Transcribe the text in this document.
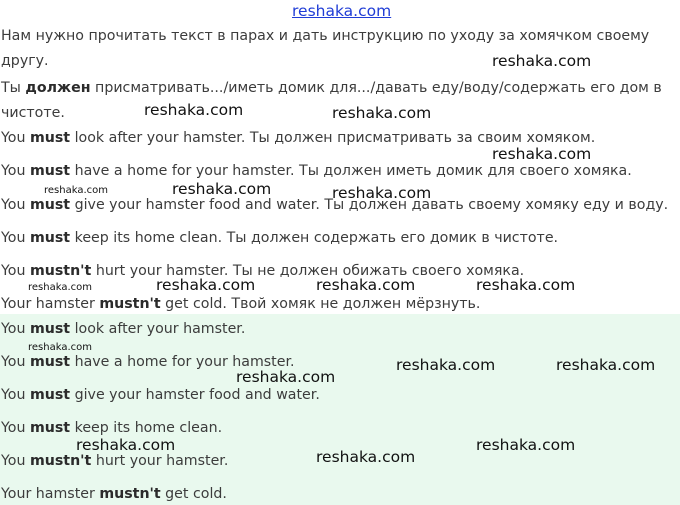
reshaka.com

Нам нужно прочитать текст в парах и дать инструкцию по уходу за хомячком своему

другу.

Ты должен присматривать.../иметь домик для.../давать еду/воду/содержать его дом в

чистоте.

You must look after your hamster. Ты должен присматривать за своим хомяком.

You must have a home for your hamster. Ты должен иметь домик для своего хомяка.

You must give your hamster food and water. Ты должен давать своему хомяку еду и воду.

You must keep its home clean. Ты должен содержать его домик в чистоте.

You mustn't hurt your hamster. Ты не должен обижать своего хомяка.

Your hamster mustn't get cold. Твой хомяк не должен мёрзнуть.

You must look after your hamster.

You must have a home for your hamster.

You must give your hamster food and water.

You must keep its home clean.

You mustn't hurt your hamster.

Your hamster mustn't get cold.

reshaka.com
reshaka.com	reshaka.com
reshaka.com
reshaka.com	reshaka.com	reshaka.com
reshaka.com	reshaka.com	reshaka.com	reshaka.com
reshaka.com
reshaka.com	reshaka.com
reshaka.com
reshaka.com	reshaka.com
reshaka.com
